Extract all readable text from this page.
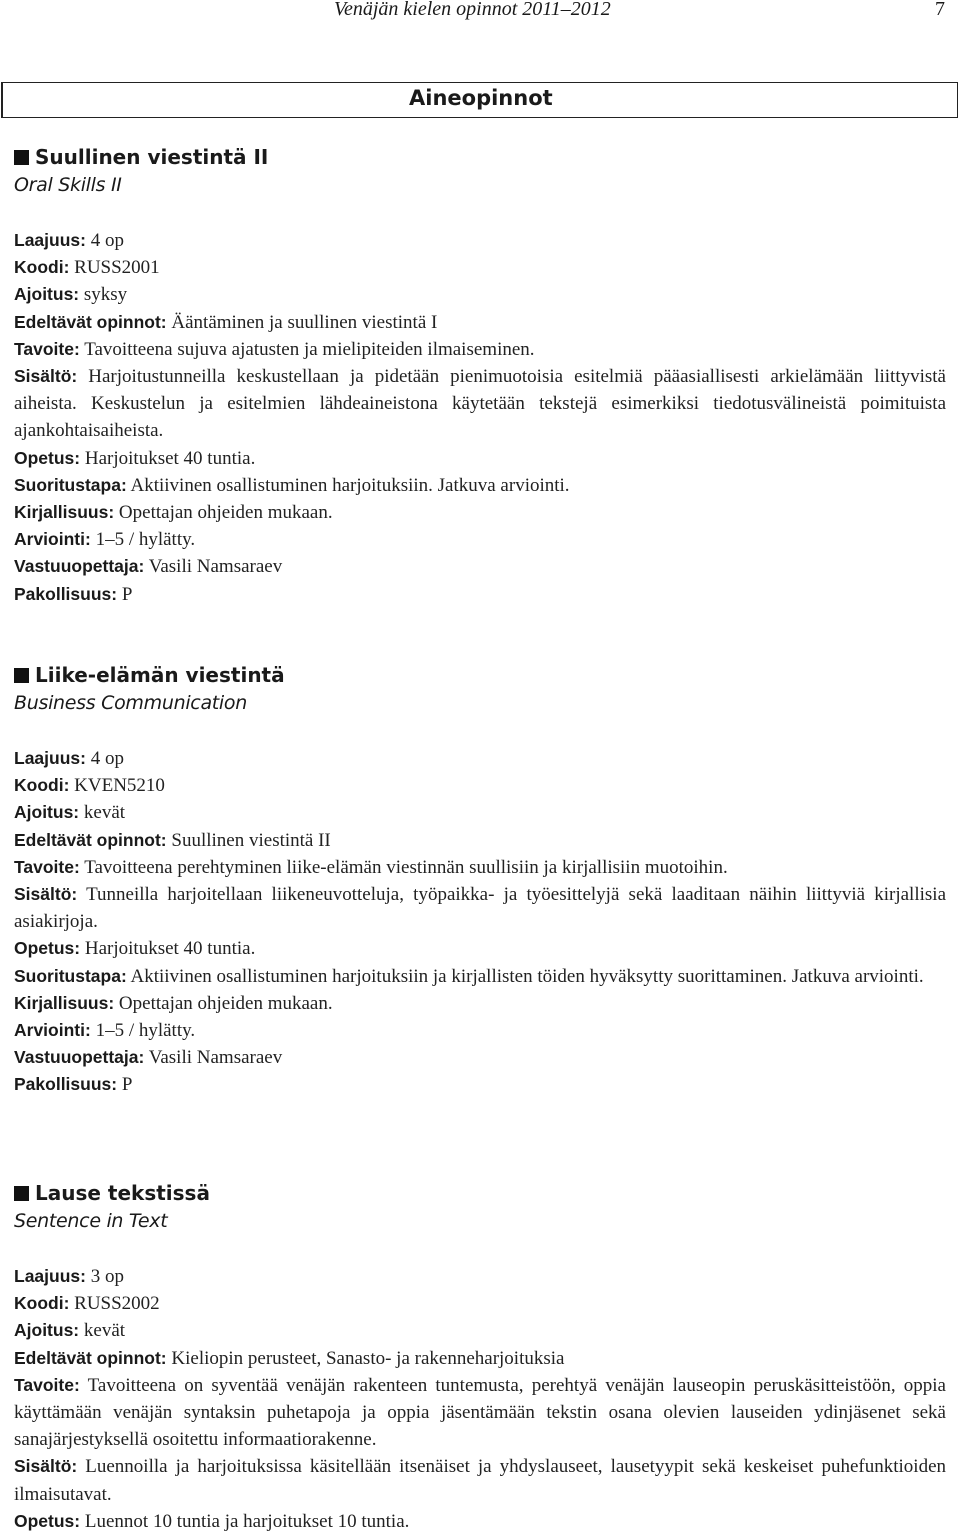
Venäjän kielen opinnot 2011–2012	7
Aineopinnot
Suullinen viestintä II
Oral Skills II

Laajuus: 4 op

Koodi: RUSS2001

Ajoitus: syksy

Edeltävät opinnot: Ääntäminen ja suullinen viestintä I

Tavoite: Tavoitteena sujuva ajatusten ja mielipiteiden ilmaiseminen.

Sisältö: Harjoitustunneilla keskustellaan ja pidetään pienimuotoisia esitelmiä pääasiallisesti arkielämään liittyvistä aiheista. Keskustelun ja esitelmien lähdeaineistona käytetään tekstejä esimerkiksi tiedotusvälineistä poimituista ajankohtaisaiheista.

Opetus: Harjoitukset 40 tuntia.

Suoritustapa: Aktiivinen osallistuminen harjoituksiin. Jatkuva arviointi.

Kirjallisuus: Opettajan ohjeiden mukaan.

Arviointi: 1–5 / hylätty.

Vastuuopettaja: Vasili Namsaraev

Pakollisuus: P

Liike-elämän viestintä
Business Communication

Laajuus: 4 op

Koodi: KVEN5210

Ajoitus: kevät

Edeltävät opinnot: Suullinen viestintä II

Tavoite: Tavoitteena perehtyminen liike-elämän viestinnän suullisiin ja kirjallisiin muotoihin.

Sisältö: Tunneilla harjoitellaan liikeneuvotteluja, työpaikka- ja työesittelyjä sekä laaditaan näihin liittyviä kirjallisia asiakirjoja.

Opetus: Harjoitukset 40 tuntia.

Suoritustapa: Aktiivinen osallistuminen harjoituksiin ja kirjallisten töiden hyväksytty suorittaminen. Jatkuva arviointi.

Kirjallisuus: Opettajan ohjeiden mukaan.

Arviointi: 1–5 / hylätty.

Vastuuopettaja: Vasili Namsaraev

Pakollisuus: P

Lause tekstissä
Sentence in Text

Laajuus: 3 op

Koodi: RUSS2002

Ajoitus: kevät

Edeltävät opinnot: Kieliopin perusteet, Sanasto- ja rakenneharjoituksia

Tavoite: Tavoitteena on syventää venäjän rakenteen tuntemusta, perehtyä venäjän lauseopin peruskäsitteistöön, oppia käyttämään venäjän syntaksin puhetapoja ja oppia jäsentämään tekstin osana olevien lauseiden ydinjäsenet sekä sanajärjestyksellä osoitettu informaatiorakenne.

Sisältö: Luennoilla ja harjoituksissa käsitellään itsenäiset ja yhdyslauseet, lausetyypit sekä keskeiset puhefunktioiden ilmaisutavat.

Opetus: Luennot 10 tuntia ja harjoitukset 10 tuntia.
